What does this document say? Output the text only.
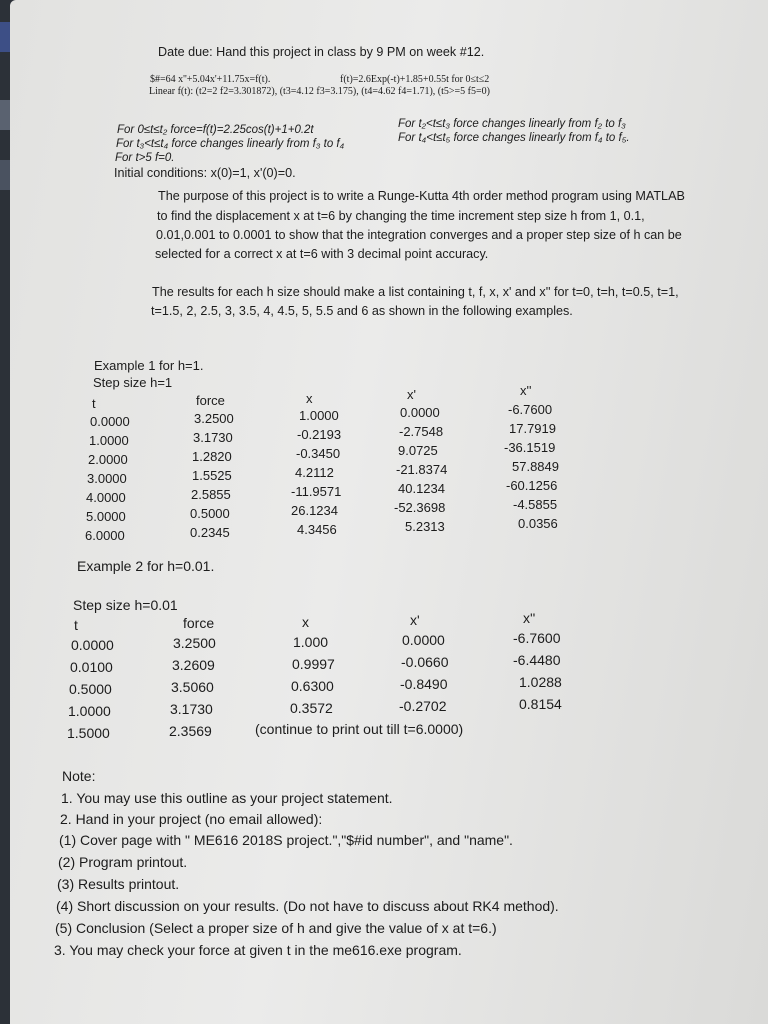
Date due: Hand this project in class by 9 PM on week #12.
$#=64 x''+5.04x'+11.75x=f(t).	f(t)=2.6Exp(-t)+1.85+0.55t for 0≤t≤2
Linear f(t): (t2=2 f2=3.301872), (t3=4.12 f3=3.175), (t4=4.62 f4=1.71), (t5>=5 f5=0)
For 0≤t≤t₂ force=f(t)=2.25cos(t)+1+0.2t	For t₂<t≤t₃ force changes linearly from f₂ to f₃
For t₃<t≤t₄ force changes linearly from f₃ to f₄	For t₄<t≤t₅ force changes linearly from f₄ to f₅.
For t>5 f=0.
Initial conditions: x(0)=1, x'(0)=0.
The purpose of this project is to write a Runge-Kutta 4th order method program using MATLAB
to find the displacement x at t=6 by changing the time increment step size h from 1, 0.1,
0.01,0.001 to 0.0001 to show that the integration converges and a proper step size of h can be
selected for a correct x at t=6 with 3 decimal point accuracy.
The results for each h size should make a list containing t, f, x, x' and x'' for t=0, t=h, t=0.5, t=1,
t=1.5, 2, 2.5, 3, 3.5, 4, 4.5, 5, 5.5 and 6 as shown in the following examples.
Example 1 for h=1.
Step size h=1
t	force	x	x'	x''
0.0000	3.2500	1.0000	0.0000	-6.7600
1.0000	3.1730	-0.2193	-2.7548	17.7919
2.0000	1.2820	-0.3450	9.0725	-36.1519
3.0000	1.5525	4.2112	-21.8374	57.8849
4.0000	2.5855	-11.9571	40.1234	-60.1256
5.0000	0.5000	26.1234	-52.3698	-4.5855
6.0000	0.2345	4.3456	5.2313	0.0356
Example 2 for h=0.01.
Step size h=0.01
t	force	x	x'	x''
0.0000	3.2500	1.000	0.0000	-6.7600
0.0100	3.2609	0.9997	-0.0660	-6.4480
0.5000	3.5060	0.6300	-0.8490	1.0288
1.0000	3.1730	0.3572	-0.2702	0.8154
1.5000	2.3569	(continue to print out till t=6.0000)
Note:
1. You may use this outline as your project statement.
2. Hand in your project (no email allowed):
(1) Cover page with " ME616 2018S project.","$#id number", and "name".
(2) Program printout.
(3) Results printout.
(4) Short discussion on your results. (Do not have to discuss about RK4 method).
(5) Conclusion (Select a proper size of h and give the value of x at t=6.)
3. You may check your force at given t in the me616.exe program.
